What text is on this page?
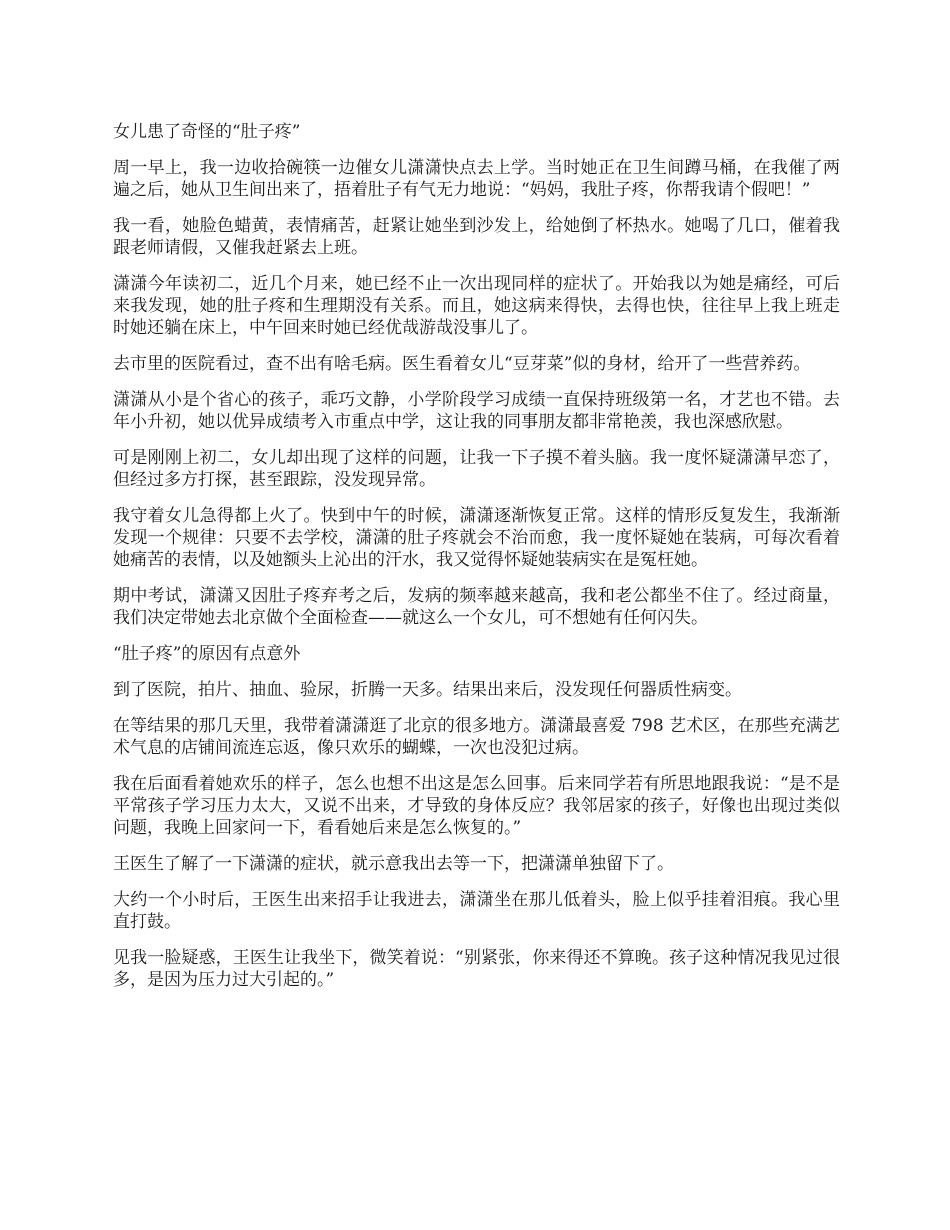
女儿患了奇怪的“肚子疼”

周一早上，我一边收拾碗筷一边催女儿潇潇快点去上学。当时她正在卫生间蹲马桶，在我催了两遍之后，她从卫生间出来了，捂着肚子有气无力地说：“妈妈，我肚子疼，你帮我请个假吧！”

我一看，她脸色蜡黄，表情痛苦，赶紧让她坐到沙发上，给她倒了杯热水。她喝了几口，催着我跟老师请假，又催我赶紧去上班。

潇潇今年读初二，近几个月来，她已经不止一次出现同样的症状了。开始我以为她是痛经，可后来我发现，她的肚子疼和生理期没有关系。而且，她这病来得快，去得也快，往往早上我上班走时她还躺在床上，中午回来时她已经优哉游哉没事儿了。

去市里的医院看过，查不出有啥毛病。医生看着女儿“豆芽菜”似的身材，给开了一些营养药。

潇潇从小是个省心的孩子，乖巧文静，小学阶段学习成绩一直保持班级第一名，才艺也不错。去年小升初，她以优异成绩考入市重点中学，这让我的同事朋友都非常艳羡，我也深感欣慰。

可是刚刚上初二，女儿却出现了这样的问题，让我一下子摸不着头脑。我一度怀疑潇潇早恋了，但经过多方打探，甚至跟踪，没发现异常。

我守着女儿急得都上火了。快到中午的时候，潇潇逐渐恢复正常。这样的情形反复发生，我渐渐发现一个规律：只要不去学校，潇潇的肚子疼就会不治而愈，我一度怀疑她在装病，可每次看着她痛苦的表情，以及她额头上沁出的汗水，我又觉得怀疑她装病实在是冤枉她。

期中考试，潇潇又因肚子疼弃考之后，发病的频率越来越高，我和老公都坐不住了。经过商量，我们决定带她去北京做个全面检查——就这么一个女儿，可不想她有任何闪失。

“肚子疼”的原因有点意外

到了医院，拍片、抽血、验尿，折腾一天多。结果出来后，没发现任何器质性病变。

在等结果的那几天里，我带着潇潇逛了北京的很多地方。潇潇最喜爱 798 艺术区，在那些充满艺术气息的店铺间流连忘返，像只欢乐的蝴蝶，一次也没犯过病。

我在后面看着她欢乐的样子，怎么也想不出这是怎么回事。后来同学若有所思地跟我说：“是不是平常孩子学习压力太大，又说不出来，才导致的身体反应？我邻居家的孩子，好像也出现过类似问题，我晚上回家问一下，看看她后来是怎么恢复的。”

王医生了解了一下潇潇的症状，就示意我出去等一下，把潇潇单独留下了。

大约一个小时后，王医生出来招手让我进去，潇潇坐在那儿低着头，脸上似乎挂着泪痕。我心里直打鼓。

见我一脸疑惑，王医生让我坐下，微笑着说：“别紧张，你来得还不算晚。孩子这种情况我见过很多，是因为压力过大引起的。”
